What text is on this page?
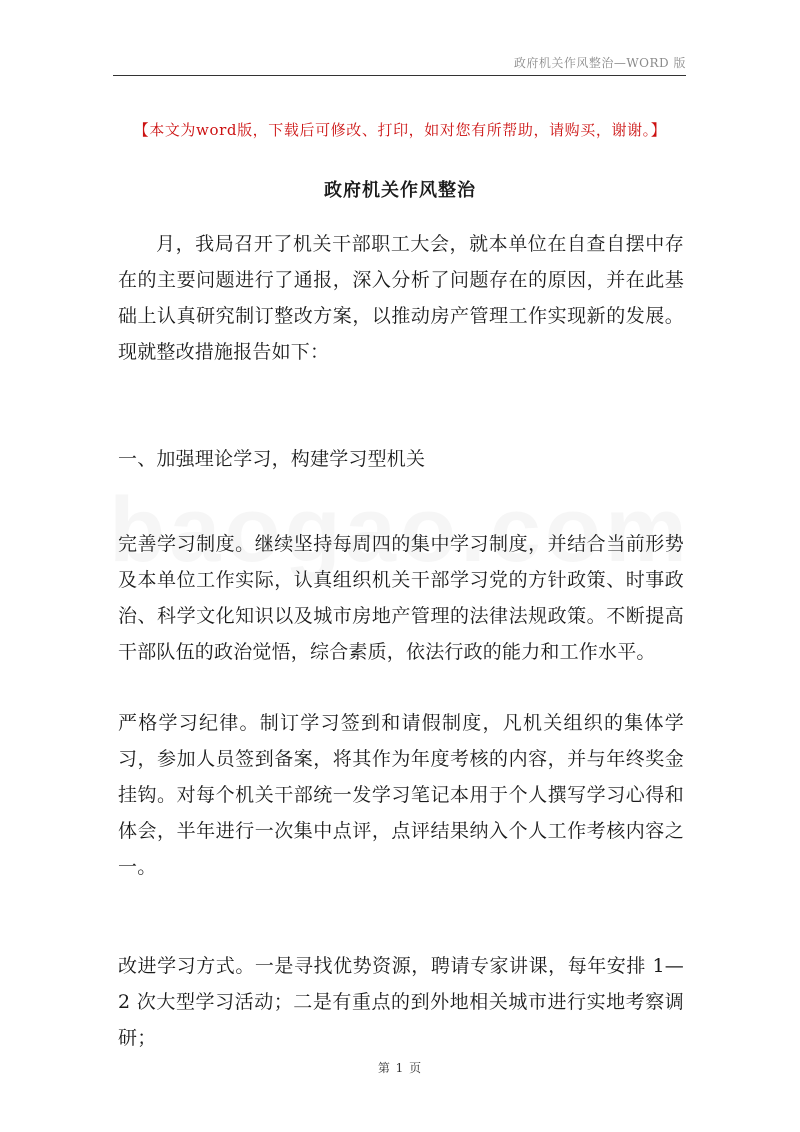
政府机关作风整治—WORD 版
【本文为word版，下载后可修改、打印，如对您有所帮助，请购买，谢谢。】
政府机关作风整治

月，我局召开了机关干部职工大会，就本单位在自查自摆中存在的主要问题进行了通报，深入分析了问题存在的原因，并在此基础上认真研究制订整改方案，以推动房产管理工作实现新的发展。现就整改措施报告如下：

一、加强理论学习，构建学习型机关

完善学习制度。继续坚持每周四的集中学习制度，并结合当前形势及本单位工作实际，认真组织机关干部学习党的方针政策、时事政治、科学文化知识以及城市房地产管理的法律法规政策。不断提高干部队伍的政治觉悟，综合素质，依法行政的能力和工作水平。

严格学习纪律。制订学习签到和请假制度，凡机关组织的集体学习，参加人员签到备案，将其作为年度考核的内容，并与年终奖金挂钩。对每个机关干部统一发学习笔记本用于个人撰写学习心得和体会，半年进行一次集中点评，点评结果纳入个人工作考核内容之一。

改进学习方式。一是寻找优势资源，聘请专家讲课，每年安排 1—2 次大型学习活动；二是有重点的到外地相关城市进行实地考察调研；

第 1 页
